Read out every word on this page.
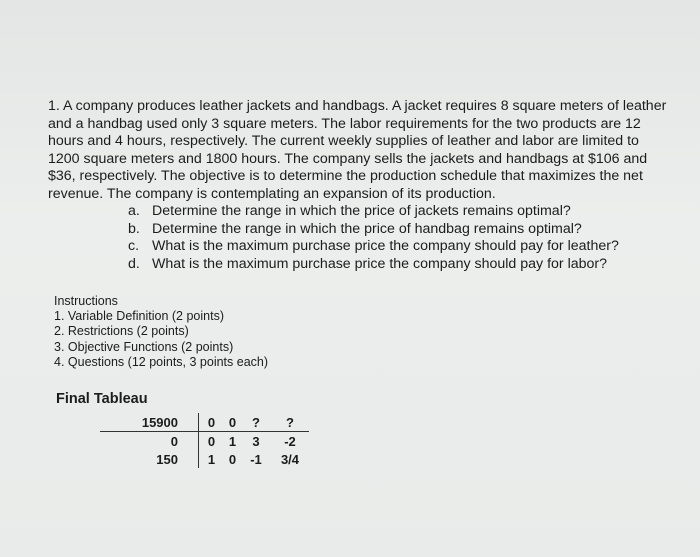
1. A company produces leather jackets and handbags. A jacket requires 8 square meters of leather and a handbag used only 3 square meters. The labor requirements for the two products are 12 hours and 4 hours, respectively. The current weekly supplies of leather and labor are limited to 1200 square meters and 1800 hours. The company sells the jackets and handbags at $106 and $36, respectively. The objective is to determine the production schedule that maximizes the net revenue. The company is contemplating an expansion of its production.

a. Determine the range in which the price of jackets remains optimal?
b. Determine the range in which the price of handbag remains optimal?
c. What is the maximum purchase price the company should pay for leather?
d. What is the maximum purchase price the company should pay for labor?
Instructions
1. Variable Definition (2 points)
2. Restrictions (2 points)
3. Objective Functions (2 points)
4. Questions (12 points, 3 points each)
Final Tableau
15900	0	0	?	?
0	0	1	3	-2
150	1	0	-1	3/4
